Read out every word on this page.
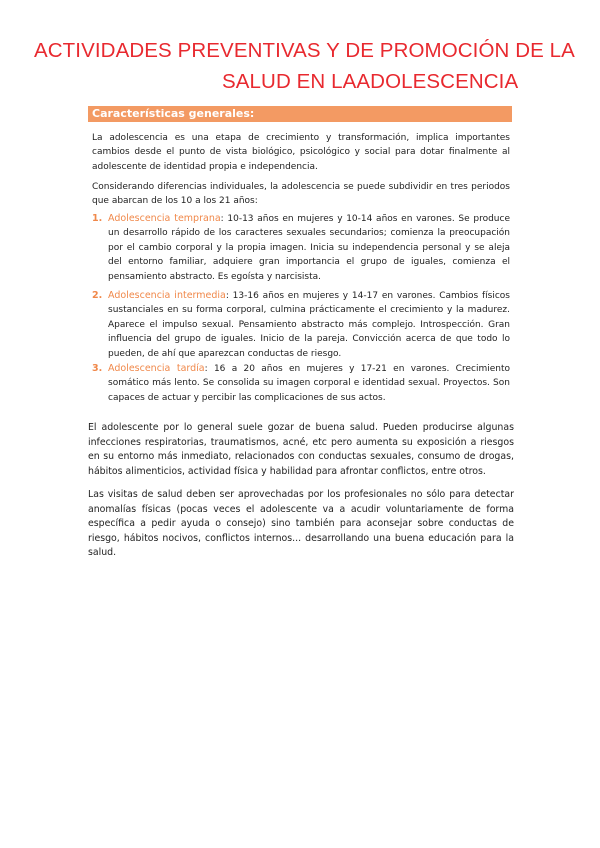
ACTIVIDADES PREVENTIVAS Y DE PROMOCIÓN DE LA
SALUD EN LAADOLESCENCIA
Características generales:
La adolescencia es una etapa de crecimiento y transformación, implica importantes cambios desde el punto de vista biológico, psicológico y social para dotar finalmente al adolescente de identidad propia e independencia.
Considerando diferencias individuales, la adolescencia se puede subdividir en tres periodos que abarcan de los 10 a los 21 años:
1. Adolescencia temprana: 10-13 años en mujeres y 10-14 años en varones. Se produce un desarrollo rápido de los caracteres sexuales secundarios; comienza la preocupación por el cambio corporal y la propia imagen. Inicia su independencia personal y se aleja del entorno familiar, adquiere gran importancia el grupo de iguales, comienza el pensamiento abstracto. Es egoísta y narcisista.
2. Adolescencia intermedia: 13-16 años en mujeres y 14-17 en varones. Cambios físicos sustanciales en su forma corporal, culmina prácticamente el crecimiento y la madurez. Aparece el impulso sexual. Pensamiento abstracto más complejo. Introspección. Gran influencia del grupo de iguales. Inicio de la pareja. Convicción acerca de que todo lo pueden, de ahí que aparezcan conductas de riesgo.
3. Adolescencia tardía: 16 a 20 años en mujeres y 17-21 en varones. Crecimiento somático más lento. Se consolida su imagen corporal e identidad sexual. Proyectos. Son capaces de actuar y percibir las complicaciones de sus actos.
El adolescente por lo general suele gozar de buena salud. Pueden producirse algunas infecciones respiratorias, traumatismos, acné, etc pero aumenta su exposición a riesgos en su entorno más inmediato, relacionados con conductas sexuales, consumo de drogas, hábitos alimenticios, actividad física y habilidad para afrontar conflictos, entre otros.
Las visitas de salud deben ser aprovechadas por los profesionales no sólo para detectar anomalías físicas (pocas veces el adolescente va a acudir voluntariamente de forma específica a pedir ayuda o consejo) sino también para aconsejar sobre conductas de riesgo, hábitos nocivos, conflictos internos... desarrollando una buena educación para la salud.
